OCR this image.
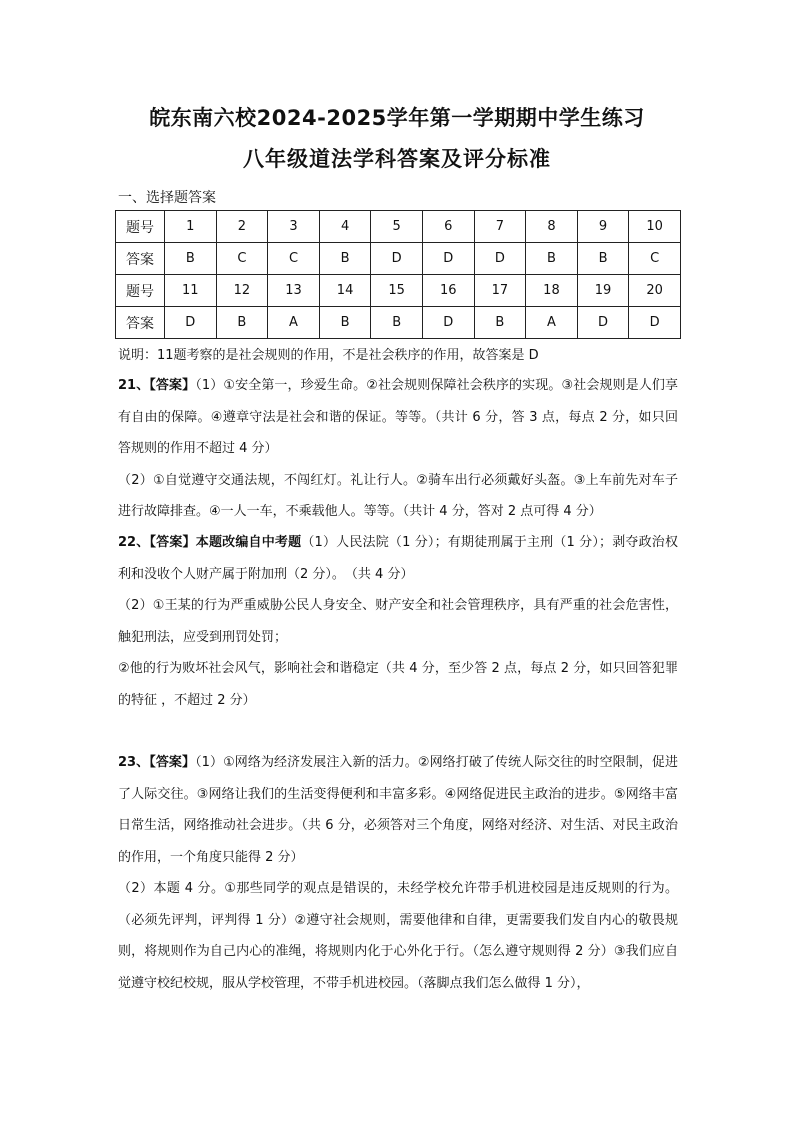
皖东南六校2024-2025学年第一学期期中学生练习
八年级道法学科答案及评分标准
一、选择题答案
题号	1	2	3	4	5	6	7	8	9	10
答案	B	C	C	B	D	D	D	B	B	C
题号	11	12	13	14	15	16	17	18	19	20
答案	D	B	A	B	B	D	B	A	D	D

说明：11题考察的是社会规则的作用，不是社会秩序的作用，故答案是 D

21、【答案】（1）①安全第一，珍爱生命。②社会规则保障社会秩序的实现。③社会规则是人们享有自由的保障。④遵章守法是社会和谐的保证。等等。（共计 6 分，答 3 点，每点 2 分，如只回答规则的作用不超过 4 分）

（2）①自觉遵守交通法规，不闯红灯。礼让行人。②骑车出行必须戴好头盔。③上车前先对车子进行故障排查。④一人一车，不乘载他人。等等。（共计 4 分，答对 2 点可得 4 分）

22、【答案】本题改编自中考题（1）人民法院（1 分）；有期徒刑属于主刑（1 分）；剥夺政治权利和没收个人财产属于附加刑（2 分）。　（共 4 分）

（2）①王某的行为严重威胁公民人身安全、财产安全和社会管理秩序，具有严重的社会危害性，触犯刑法，应受到刑罚处罚；

②他的行为败坏社会风气，影响社会和谐稳定（共 4 分，至少答 2 点，每点 2 分，如只回答犯罪的特征 ，不超过 2 分）

23、【答案】（1）①网络为经济发展注入新的活力。②网络打破了传统人际交往的时空限制，促进了人际交往。③网络让我们的生活变得便利和丰富多彩。④网络促进民主政治的进步。⑤网络丰富日常生活，网络推动社会进步。（共 6 分，必须答对三个角度，网络对经济、对生活、对民主政治的作用，一个角度只能得 2 分）

（2）本题 4 分。①那些同学的观点是错误的，未经学校允许带手机进校园是违反规则的行为。（必须先评判，评判得 1 分）②遵守社会规则，需要他律和自律，更需要我们发自内心的敬畏规则，将规则作为自己内心的准绳，将规则内化于心外化于行。（怎么遵守规则得 2 分）③我们应自觉遵守校纪校规，服从学校管理，不带手机进校园。（落脚点我们怎么做得 1 分），
